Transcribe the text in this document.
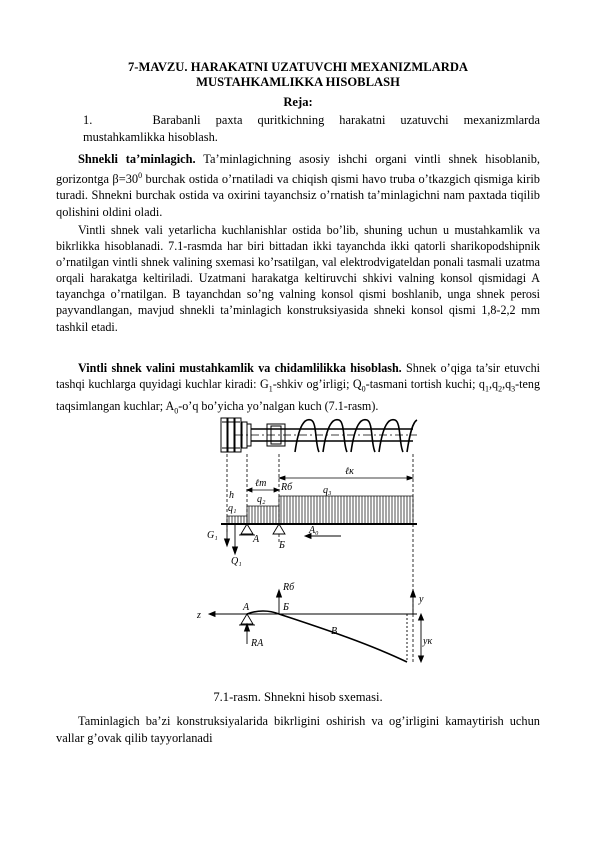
7-MAVZU. HARAKATNI UZATUVCHI MEXANIZMLARDA
MUSTAHKAMLIKKA HISOBLASH
Reja:
1.	Barabanli paxta quritkichning harakatni uzatuvchi mexanizmlarda
mustahkamlikka hisoblash.

Shnekli ta’minlagich. Ta’minlagichning asosiy ishchi organi vintli shnek hisoblanib, gorizontga $\beta=30^0$ burchak ostida o’rnatiladi va chiqish qismi havo truba o’tkazgich qismiga kirib turadi. Shnekni burchak ostida va oxirini tayanchsiz o’rnatish ta’minlagichni nam paxtada tiqilib qolishini oldini oladi.

Vintli shnek vali yetarlicha kuchlanishlar ostida bo’lib, shuning uchun u mustahkamlik va bikrlikka hisoblanadi. 7.1-rasmda har biri bittadan ikki tayanchda ikki qatorli sharikopodshipnik o’rnatilgan vintli shnek valining sxemasi ko’rsatilgan, val elektrodvigateldan ponali tasmali uzatma orqali harakatga keltiriladi. Uzatmani harakatga keltiruvchi shkivi valning konsol qismidagi A tayanchga o’rnatilgan. B tayanchdan so’ng valning konsol qismi boshlanib, unga shnek perosi payvandlangan, mavjud shnekli ta’minlagich konstruksiyasida shneki konsol qismi 1,8-2,2 mm tashkil etadi.

Vintli shnek valini mustahkamlik va chidamlilikka hisoblash. Shnek o’qiga ta’sir etuvchi tashqi kuchlarga quyidagi kuchlar kiradi: $G_1$-shkiv og’irligi; $Q_0$-tasmani tortish kuchi; $q_1,q_2,q_3$-teng taqsimlangan kuchlar; $A_0-o’q$ bo’yicha yo’nalgan kuch (7.1-rasm).

ℓк
ℓт Rб	q₃
q₂
q₁
h
G₁
Q₁
A
Б
A₀
z
A	Б
Rб
В
RA
y
yк
7.1-rasm. Shnekni hisob sxemasi.

Taminlagich ba’zi konstruksiyalarida bikrligini oshirish va og’irligini kamaytirish uchun vallar g’ovak qilib tayyorlanadi
